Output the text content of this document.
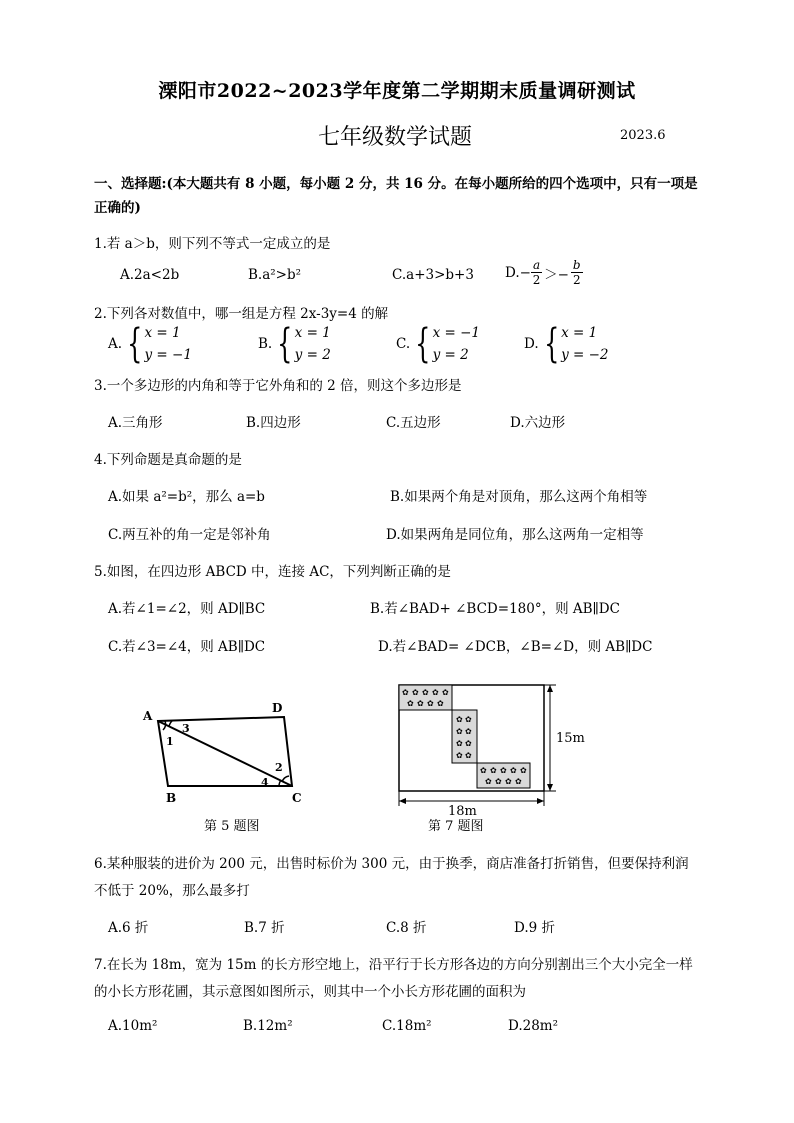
溧阳市2022~2023学年度第二学期期末质量调研测试
七年级数学试题	2023.6
一、选择题:(本大题共有 8 小题，每小题 2 分，共 16 分。在每小题所给的四个选项中，只有一项是
正确的)
1.若 a＞b，则下列不等式一定成立的是
A.2a<2b	B.a²>b²	C.a+3>b+3 $D.- \frac{a}{2} >- \frac{b}{2}$
2.下列各对数值中，哪一组是方程 2x-3y=4 的解
A. { x = 1
y = −1
B. { x = 1
y = 2
C. { x = −1
y = 2
D. { x = 1
y = −2
3.一个多边形的内角和等于它外角和的 2 倍，则这个多边形是
A.三角形	B.四边形	C.五边形	D.六边形
4.下列命题是真命题的是
A.如果 a²=b²，那么 a=b	B.如果两个角是对顶角，那么这两个角相等
C.两互补的角一定是邻补角	D.如果两角是同位角，那么这两角一定相等
5.如图，在四边形 ABCD 中，连接 AC，下列判断正确的是
A.若∠1=∠2，则 AD∥BC	B.若∠BAD+ ∠BCD=180°，则 AB∥DC
C.若∠3=∠4，则 AB∥DC	D.若∠BAD= ∠DCB，∠B=∠D，则 AB∥DC
A
D
B	C
1
3
2
4
第 5 题图
✿ ✿ ✿ ✿ ✿
✿ ✿ ✿ ✿
✿ ✿
✿ ✿
✿ ✿
✿ ✿
✿ ✿ ✿ ✿ ✿
✿ ✿ ✿ ✿
15m
18m
第 7 题图
6.某种服装的进价为 200 元，出售时标价为 300 元，由于换季，商店准备打折销售，但要保持利润
不低于 20%，那么最多打
A.6 折	B.7 折	C.8 折	D.9 折
7.在长为 18m，宽为 15m 的长方形空地上，沿平行于长方形各边的方向分别割出三个大小完全一样
的小长方形花圃，其示意图如图所示，则其中一个小长方形花圃的面积为
A.10m²	B.12m²	C.18m²	D.28m²
